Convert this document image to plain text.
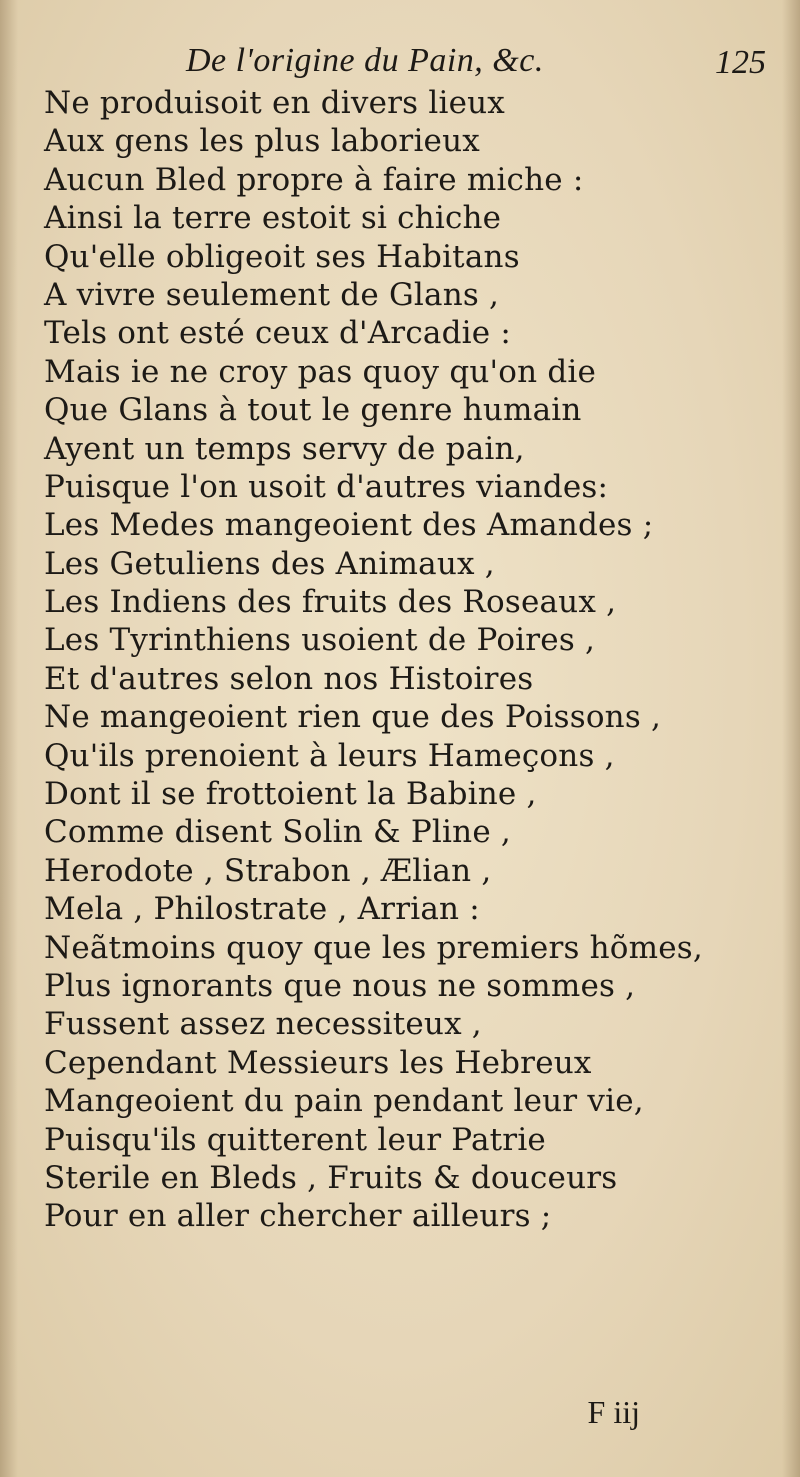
De l'origine du Pain, &c.	125
Ne produisoit en divers lieux
Aux gens les plus laborieux
Aucun Bled propre à faire miche :
Ainsi la terre estoit si chiche
Qu'elle obligeoit ses Habitans
A vivre seulement de Glans ,
Tels ont esté ceux d'Arcadie :
Mais ie ne croy pas quoy qu'on die
Que Glans à tout le genre humain
Ayent un temps servy de pain,
Puisque l'on usoit d'autres viandes:
Les Medes mangeoient des Amandes ;
Les Getuliens des Animaux ,
Les Indiens des fruits des Roseaux ,
Les Tyrinthiens usoient de Poires ,
Et d'autres selon nos Histoires
Ne mangeoient rien que des Poissons ,
Qu'ils prenoient à leurs Hameçons ,
Dont il se frottoient la Babine ,
Comme disent Solin & Pline ,
Herodote , Strabon , Ælian ,
Mela , Philostrate , Arrian :
Neãtmoins quoy que les premiers hõmes,
Plus ignorants que nous ne sommes ,
Fussent assez necessiteux ,
Cependant Messieurs les Hebreux
Mangeoient du pain pendant leur vie,
Puisqu'ils quitterent leur Patrie
Sterile en Bleds , Fruits & douceurs
Pour en aller chercher ailleurs ;
F iij
